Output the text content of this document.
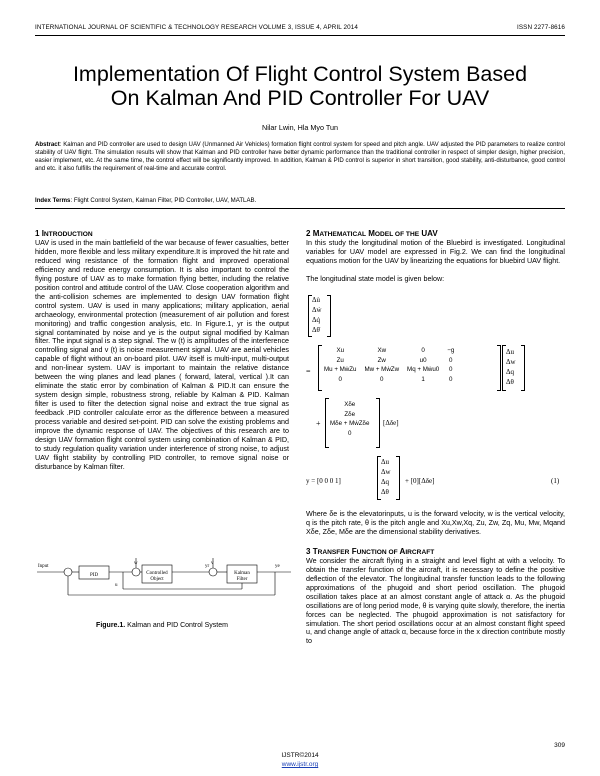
INTERNATIONAL JOURNAL OF SCIENTIFIC & TECHNOLOGY RESEARCH VOLUME 3, ISSUE 4, APRIL 2014	ISSN 2277-8616
Implementation Of Flight Control System Based
On Kalman And PID Controller For UAV
Nilar Lwin, Hla Myo Tun
Abstract: Kalman and PID controller are used to design UAV (Unmanned Air Vehicles) formation flight control system for speed and pitch angle. UAV adjusted the PID parameters to realize control stability of UAV flight. The simulation results will show that Kalman and PID controller have better dynamic performance than the traditional controller in respect of simpler design, higher precision, easier implement, etc. At the same time, the control effect will be significantly improved. In addition, Kalman & PID control is superior in short transition, good stability, anti-disturbance, good control and etc. it also fulfills the requirement of real-time and accurate control.
Index Terms: Flight Control System, Kalman Filter, PID Controller, UAV, MATLAB.
1 INTRODUCTION
UAV is used in the main battlefield of the war because of fewer casualties, better hidden, more flexible and less military expenditure.It is improved the hit rate and reduced wing resistance of the formation flight and improved operational efficiency and reduce energy consumption. It is also important to control the flying posture of UAV as to make formation flying better, including the relative position control and attitude control of the UAV. Close cooperation algorithm and the anti-collision schemes are implemented to design UAV formation flight control system. UAV is used in many applications; military application, aerial archaeology, environmental protection (measurement of air pollution and forest monitoring) and traffic congestion analysis, etc. In Figure.1, yr is the output signal contaminated by noise and ye is the output signal modified by Kalman filter. The input signal is a step signal. The w (t) is amplitudes of the interference controlling signal and v (t) is noise measurement signal. UAV are aerial vehicles capable of flight without an on-board pilot. UAV itself is multi-input, multi-output and non-linear system. UAV is important to maintain the relative distance between the wing planes and lead planes ( forward, lateral, vertical ).It can eliminate the static error by combination of Kalman & PID.It can ensure the system design simple, robustness strong, reliable by Kalman & PID. Kalman filter is used to filter the detection signal noise and extract the true signal as feedback .PID controller calculate error as the difference between a measured process variable and desired set-point. PID can solve the existing problems and improve the dynamic response of UAV. The objectives of this research are to design UAV formation flight control system using combination of Kalman & PID, to study regulation quality variation under interference of strong noise, to adjust UAV flight stability by controlling PID controller, to remove signal noise or disturbance by Kalman filter.
Input
PID	Controlled
Object
Kalman
Filter
yr	ye
w	v
u
Figure.1. Kalman and PID Control System
2 MATHEMATICAL MODEL OF THE UAV
In this study the longitudinal motion of the Bluebird is investigated. Longitudinal variables for UAV model are expressed in Fig.2. We can find the longitudinal equations motion for the UAV by linearizing the equations for bluebird UAV flight.
The longitudinal state model is given below:
Δu̇
Δẇ
Δq̇
Δθ̇
=
Xu	Xw	0	−g
Zu	Zw	u0	0
Mu + MẇZu	Mw + MẇZw	Mq + Mẇu0	0
0	0	1	0
Δu
Δw
Δq
Δθ
+
Xδe
Zδe
Mδe + MẇZδe
0
[Δδe]
y = [0 0 0 1]
Δu
Δw
Δq
Δθ
+ [0][Δδe]	(1)
Where δe is the elevatorinputs, u is the forward velocity, w is the vertical velocity, q is the pitch rate, θ is the pitch angle and Xu,Xw,Xq, Zu, Zw, Zq, Mu, Mw, Mqand Xδe, Zδe, Mδe are the dimensional stability derivatives.
3 TRANSFER FUNCTION OF AIRCRAFT
We consider the aircraft flying in a straight and level flight at with a velocity. To obtain the transfer function of the aircraft, it is necessary to define the positive deflection of the elevator. The longitudinal transfer function leads to the following approximations of the phugoid and short period oscillation. The phugoid oscillation takes place at an almost constant angle of attack α. As the phugoid oscillations are of long period mode, θ is varying quite slowly, therefore, the inertia forces can be neglected. The phugoid approximation is not satisfactory for simulation. The short period oscillations occur at an almost constant flight speed u, and change angle of attack α, because force in the x direction contribute mostly to
IJSTR©2014
www.ijstr.org
309
